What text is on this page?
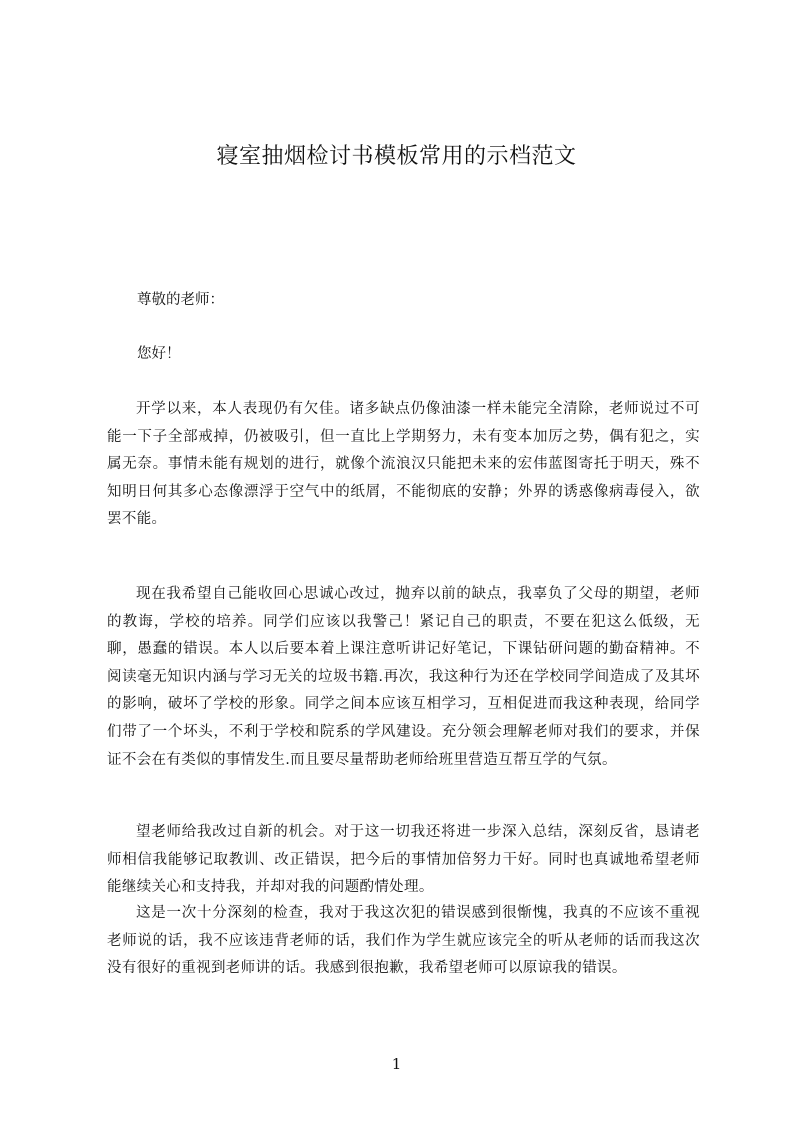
寝室抽烟检讨书模板常用的示档范文

尊敬的老师：

您好！

开学以来，本人表现仍有欠佳。诸多缺点仍像油漆一样未能完全清除，老师说过不可能一下子全部戒掉，仍被吸引，但一直比上学期努力，未有变本加厉之势，偶有犯之，实属无奈。事情未能有规划的进行，就像个流浪汉只能把未来的宏伟蓝图寄托于明天，殊不知明日何其多心态像漂浮于空气中的纸屑，不能彻底的安静；外界的诱惑像病毒侵入，欲罢不能。

现在我希望自己能收回心思诚心改过，抛弃以前的缺点，我辜负了父母的期望，老师的教诲，学校的培养。同学们应该以我警己！紧记自己的职责，不要在犯这么低级，无聊，愚蠢的错误。本人以后要本着上课注意听讲记好笔记，下课钻研问题的勤奋精神。不阅读毫无知识内涵与学习无关的垃圾书籍.再次，我这种行为还在学校同学间造成了及其坏的影响，破坏了学校的形象。同学之间本应该互相学习，互相促进而我这种表现，给同学们带了一个坏头，不利于学校和院系的学风建设。充分领会理解老师对我们的要求，并保证不会在有类似的事情发生.而且要尽量帮助老师给班里营造互帮互学的气氛。

望老师给我改过自新的机会。对于这一切我还将进一步深入总结，深刻反省，恳请老师相信我能够记取教训、改正错误，把今后的事情加倍努力干好。同时也真诚地希望老师能继续关心和支持我，并却对我的问题酌情处理。

这是一次十分深刻的检查，我对于我这次犯的错误感到很惭愧，我真的不应该不重视老师说的话，我不应该违背老师的话，我们作为学生就应该完全的听从老师的话而我这次没有很好的重视到老师讲的话。我感到很抱歉，我希望老师可以原谅我的错误。

1
